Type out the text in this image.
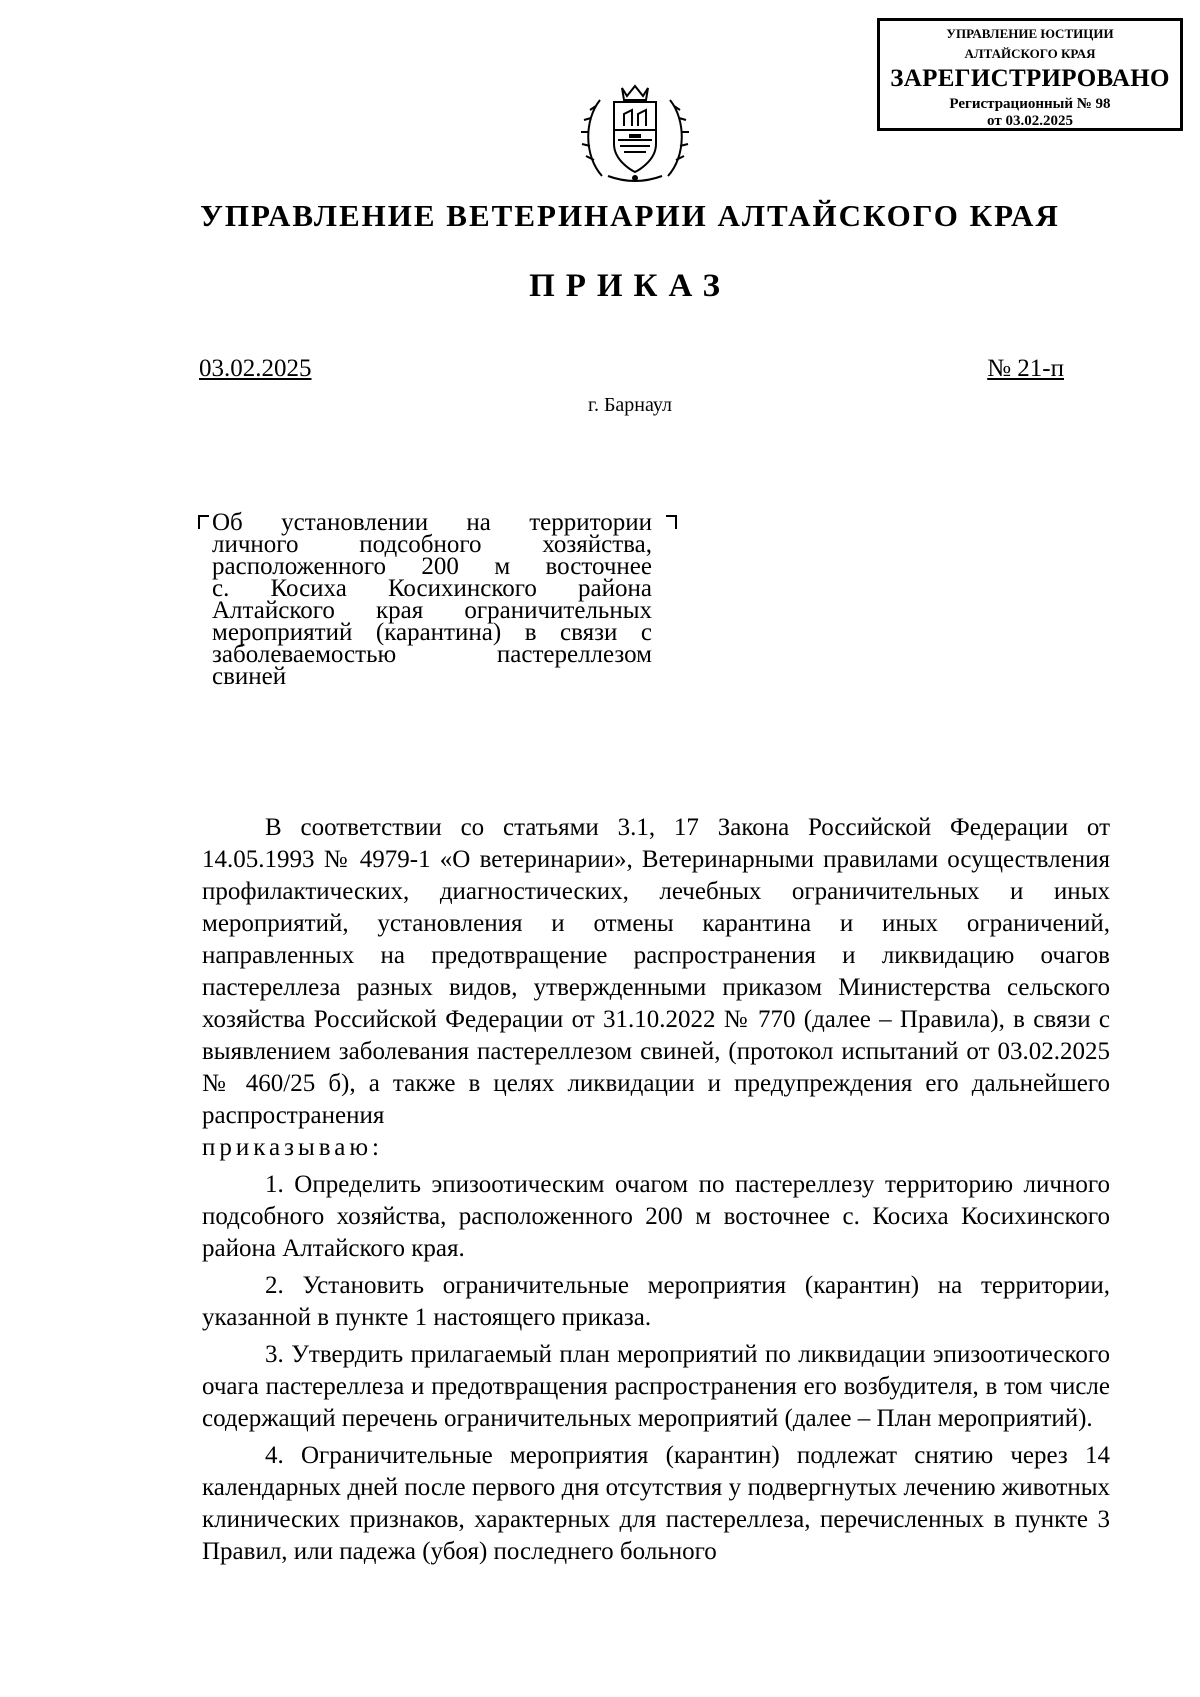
УПРАВЛЕНИЕ ЮСТИЦИИ
АЛТАЙСКОГО КРАЯ
ЗАРЕГИСТРИРОВАНО
Регистрационный № 98
от 03.02.2025
УПРАВЛЕНИЕ ВЕТЕРИНАРИИ АЛТАЙСКОГО КРАЯ
ПРИКАЗ
03.02.2025	№ 21-п
г. Барнаул
Об установлении на территории
личного подсобного хозяйства,
расположенного 200 м восточнее
с. Косиха Косихинского района
Алтайского края ограничительных
мероприятий (карантина) в связи с
заболеваемостью пастереллезом
свиней

В соответствии со статьями 3.1, 17 Закона Российской Федерации от 14.05.1993 № 4979-1 «О ветеринарии», Ветеринарными правилами осуществления профилактических, диагностических, лечебных ограничительных и иных мероприятий, установления и отмены карантина и иных ограничений, направленных на предотвращение распространения и ликвидацию очагов пастереллеза разных видов, утвержденными приказом Министерства сельского хозяйства Российской Федерации от 31.10.2022 № 770 (далее – Правила), в связи с выявлением заболевания пастереллезом свиней, (протокол испытаний от 03.02.2025 № 460/25 б), а также в целях ликвидации и предупреждения его дальнейшего распространения

приказываю:

1. Определить эпизоотическим очагом по пастереллезу территорию личного подсобного хозяйства, расположенного 200 м восточнее с. Косиха Косихинского района Алтайского края.

2. Установить ограничительные мероприятия (карантин) на территории, указанной в пункте 1 настоящего приказа.

3. Утвердить прилагаемый план мероприятий по ликвидации эпизоотического очага пастереллеза и предотвращения распространения его возбудителя, в том числе содержащий перечень ограничительных мероприятий (далее – План мероприятий).

4. Ограничительные мероприятия (карантин) подлежат снятию через 14 календарных дней после первого дня отсутствия у подвергнутых лечению животных клинических признаков, характерных для пастереллеза, перечисленных в пункте 3 Правил, или падежа (убоя) последнего больного
